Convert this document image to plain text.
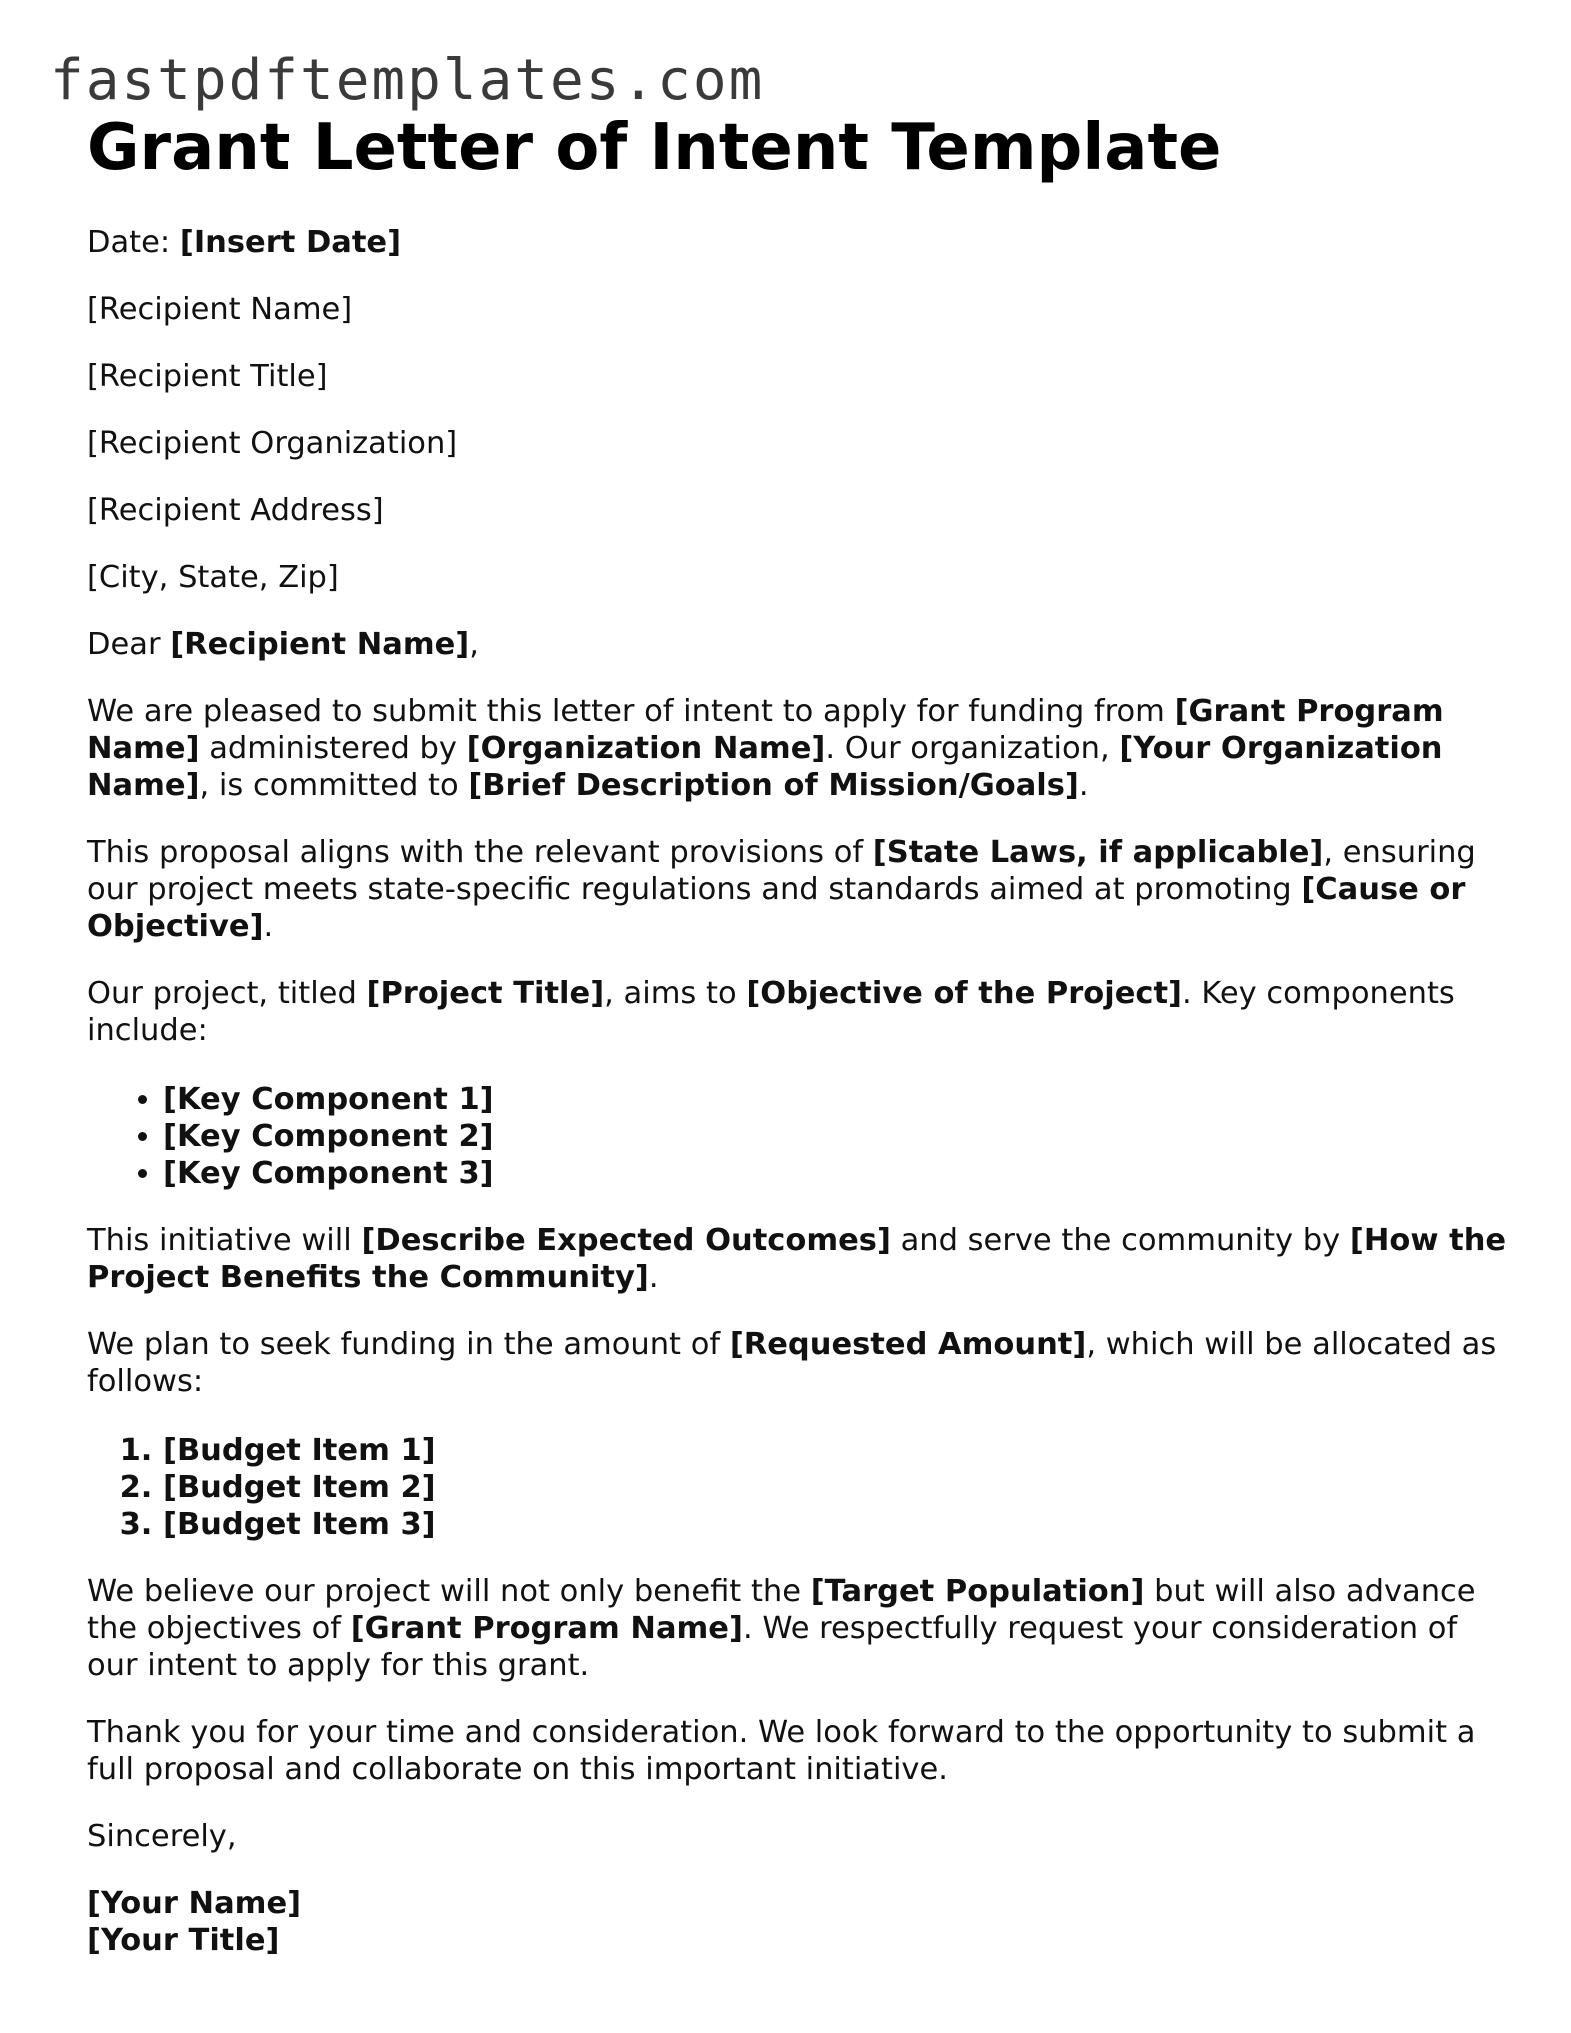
fastpdftemplates.com
Grant Letter of Intent Template

Date: [Insert Date]

[Recipient Name]

[Recipient Title]

[Recipient Organization]

[Recipient Address]

[City, State, Zip]

Dear [Recipient Name],

We are pleased to submit this letter of intent to apply for funding from [Grant Program Name] administered by [Organization Name]. Our organization, [Your Organization Name], is committed to [Brief Description of Mission/Goals].

This proposal aligns with the relevant provisions of [State Laws, if applicable], ensuring our project meets state-specific regulations and standards aimed at promoting [Cause or Objective].

Our project, titled [Project Title], aims to [Objective of the Project]. Key components include:

• [Key Component 1]
• [Key Component 2]
• [Key Component 3]

This initiative will [Describe Expected Outcomes] and serve the community by [How the Project Benefits the Community].

We plan to seek funding in the amount of [Requested Amount], which will be allocated as follows:

1. [Budget Item 1]
2. [Budget Item 2]
3. [Budget Item 3]

We believe our project will not only benefit the [Target Population] but will also advance the objectives of [Grant Program Name]. We respectfully request your consideration of our intent to apply for this grant.

Thank you for your time and consideration. We look forward to the opportunity to submit a full proposal and collaborate on this important initiative.

Sincerely,

[Your Name]
[Your Title]
